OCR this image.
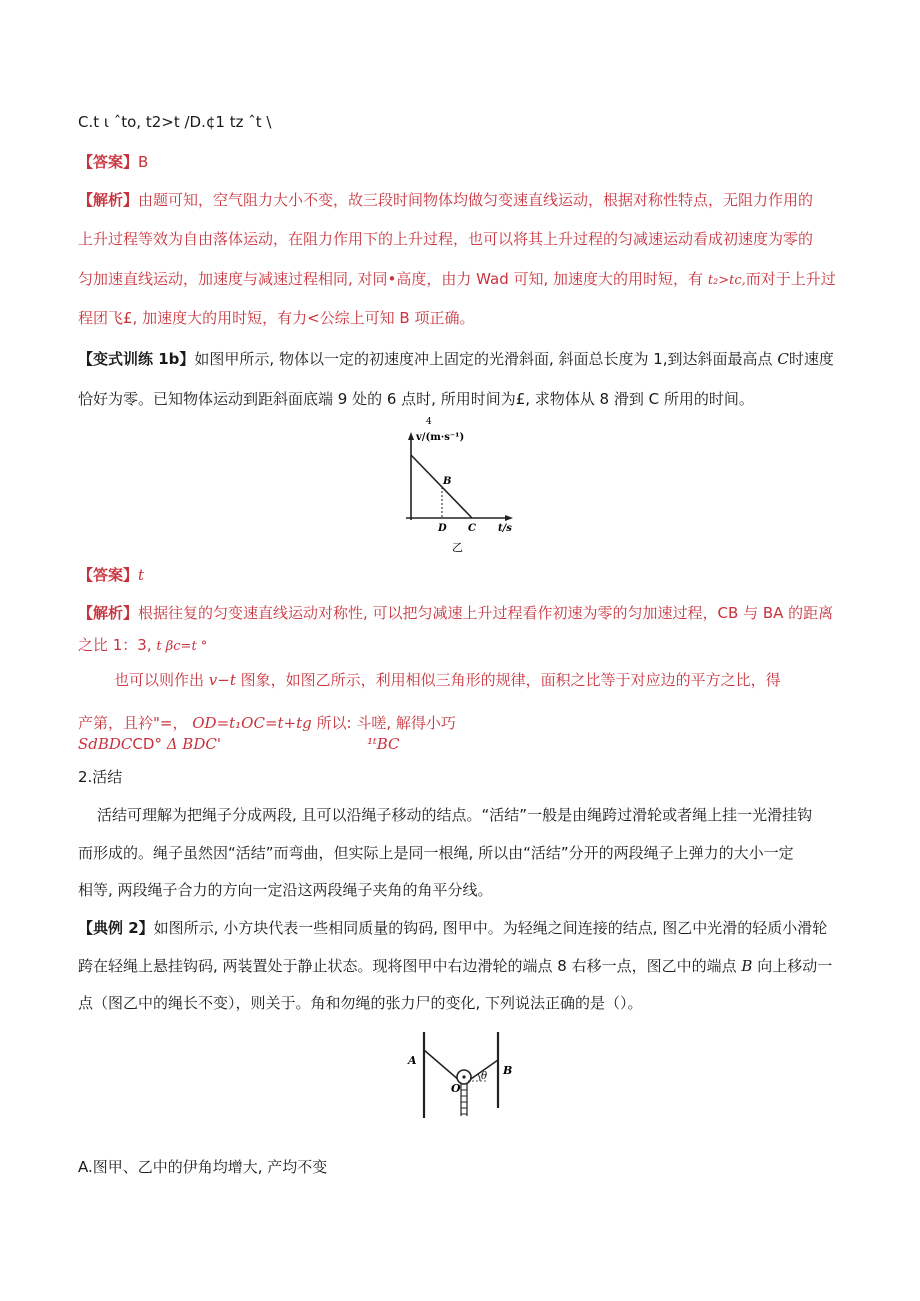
C.t ι ˆto, t2>t /D.¢1 tz ˆt \
【答案】B
【解析】由题可知，空气阻力大小不变，故三段时间物体均做匀变速直线运动，根据对称性特点，无阻力作用的
上升过程等效为自由落体运动，在阻力作用下的上升过程，也可以将其上升过程的匀减速运动看成初速度为零的
匀加速直线运动，加速度与减速过程相同, 对同•高度，由力 Wad 可知, 加速度大的用时短，有 t₂>tc,而对于上升过
程团飞£, 加速度大的用时短，有力<公综上可知 B 项正确。
【变式训练 1b】如图甲所示, 物体以一定的初速度冲上固定的光滑斜面, 斜面总长度为 1,到达斜面最高点 C时速度
恰好为零。已知物体运动到距斜面底端 9 处的 6 点时, 所用时间为£, 求物体从 8 滑到 C 所用的时间。
4
v/(m·s⁻¹)
B
D C t/s
乙
【答案】t
【解析】根据往复的匀变速直线运动对称性, 可以把匀减速上升过程看作初速为零的匀加速过程，CB 与 BA 的距离
之比 1：3, t βc=t °
也可以则作出 v−t 图象，如图乙所示，利用相似三角形的规律，面积之比等于对应边的平方之比，得
产第，且衿"=， OD=t₁OC=t+tg 所以: 斗嗟, 解得小巧
SdBDCCD° Δ BDC'	¹ᵗBC
2.活结
活结可理解为把绳子分成两段, 且可以沿绳子移动的结点。“活结”一般是由绳跨过滑轮或者绳上挂一光滑挂钩
而形成的。绳子虽然因“活结”而弯曲，但实际上是同一根绳, 所以由“活结”分开的两段绳子上弹力的大小一定
相等, 两段绳子合力的方向一定沿这两段绳子夹角的角平分线。
【典例 2】如图所示, 小方块代表一些相同质量的钩码, 图甲中。为轻绳之间连接的结点, 图乙中光滑的轻质小滑轮
跨在轻绳上悬挂钩码, 两装置处于静止状态。现将图甲中右边滑轮的端点 8 右移一点，图乙中的端点 B 向上移动一
点（图乙中的绳长不变），则关于。角和勿绳的张力尸的变化, 下列说法正确的是（）。
A
B
O
θ
A.图甲、乙中的伊角均增大, 产均不变
